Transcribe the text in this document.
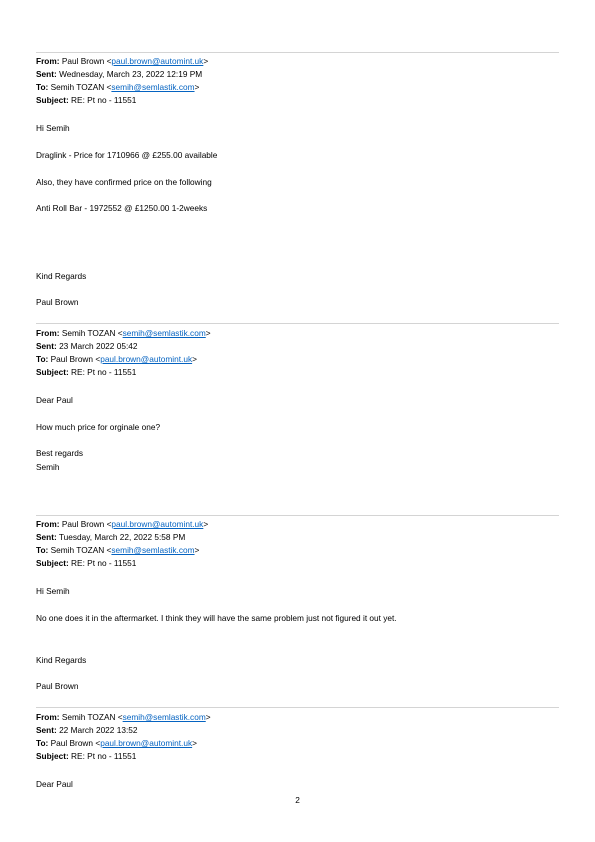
From: Paul Brown <paul.brown@automint.uk>
Sent: Wednesday, March 23, 2022 12:19 PM
To: Semih TOZAN <semih@semlastik.com>
Subject: RE: Pt no - 11551
Hi Semih
Draglink - Price for 1710966 @ £255.00 available
Also, they have confirmed price on the following
Anti Roll Bar - 1972552 @ £1250.00 1-2weeks
Kind Regards
Paul Brown
From: Semih TOZAN <semih@semlastik.com>
Sent: 23 March 2022 05:42
To: Paul Brown <paul.brown@automint.uk>
Subject: RE: Pt no - 11551
Dear Paul
How much price for orginale one?
Best regards
Semih
From: Paul Brown <paul.brown@automint.uk>
Sent: Tuesday, March 22, 2022 5:58 PM
To: Semih TOZAN <semih@semlastik.com>
Subject: RE: Pt no - 11551
Hi Semih
No one does it in the aftermarket. I think they will have the same problem just not figured it out yet.
Kind Regards
Paul Brown
From: Semih TOZAN <semih@semlastik.com>
Sent: 22 March 2022 13:52
To: Paul Brown <paul.brown@automint.uk>
Subject: RE: Pt no - 11551
Dear Paul
2
